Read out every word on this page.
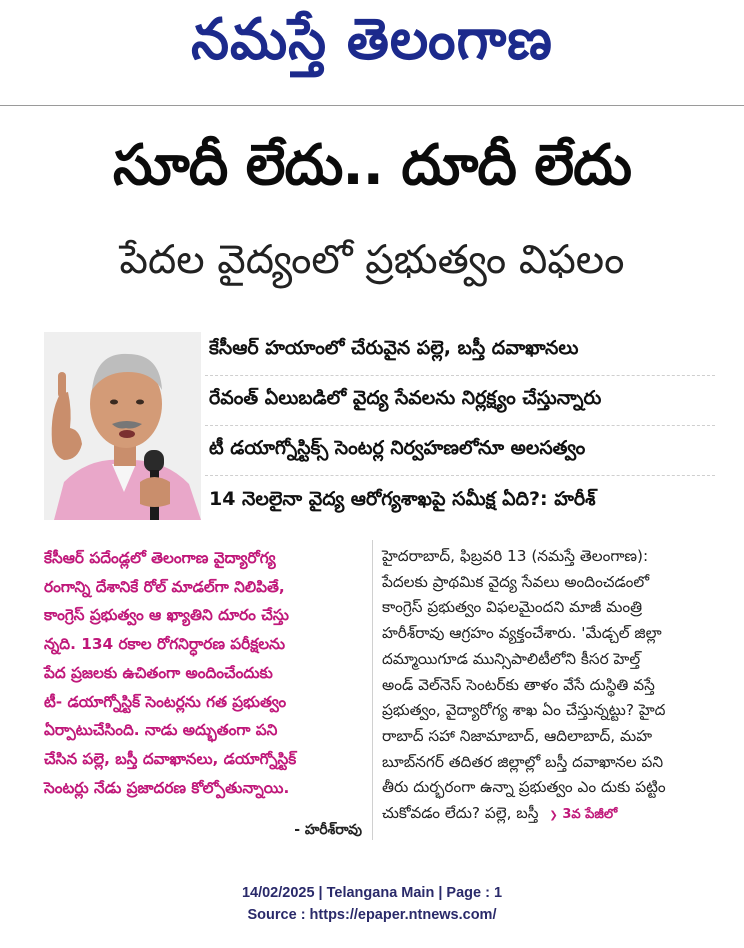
నమస్తే తెలంగాణ
సూదీ లేదు.. దూదీ లేదు
పేదల వైద్యంలో ప్రభుత్వం విఫలం
కేసీఆర్ హయాంలో చేరువైన పల్లె, బస్తీ దవాఖానలు
రేవంత్ ఏలుబడిలో వైద్య సేవలను నిర్లక్ష్యం చేస్తున్నారు
టీ డయాగ్నోస్టిక్స్ సెంటర్ల నిర్వహణలోనూ అలసత్వం
14 నెలలైనా వైద్య ఆరోగ్యశాఖపై సమీక్ష ఏది?: హరీశ్
కేసీఆర్ పదేండ్లలో తెలంగాణ వైద్యారోగ్య
రంగాన్ని దేశానికే రోల్ మాడల్‌గా నిలిపితే,
కాంగ్రెస్ ప్రభుత్వం ఆ ఖ్యాతిని దూరం చేస్తు
న్నది. 134 రకాల రోగనిర్ధారణ పరీక్షలను
పేద ప్రజలకు ఉచితంగా అందించేందుకు
టీ- డయాగ్నోస్టిక్ సెంటర్లను గత ప్రభుత్వం
ఏర్పాటుచేసింది. నాడు అద్భుతంగా పని
చేసిన పల్లె, బస్తీ దవాఖానలు, డయాగ్నోస్టిక్
సెంటర్లు నేడు ప్రజాదరణ కోల్పోతున్నాయి.
- హరీశ్‌రావు
హైదరాబాద్, ఫిబ్రవరి 13 (నమస్తే తెలంగాణ):
పేదలకు ప్రాథమిక వైద్య సేవలు అందించడంలో
కాంగ్రెస్ ప్రభుత్వం విఫలమైందని మాజీ మంత్రి
హరీశ్‌రావు ఆగ్రహం వ్యక్తంచేశారు. 'మేడ్చల్ జిల్లా
దమ్మాయిగూడ మున్సిపాలిటీలోని కీసర హెల్త్
అండ్ వెల్‌నెస్ సెంటర్‌కు తాళం వేసే దుస్థితి వస్తే
ప్రభుత్వం, వైద్యారోగ్య శాఖ ఏం చేస్తున్నట్టు? హైద
రాబాద్ సహా నిజామాబాద్, ఆదిలాబాద్, మహ
బూబ్‌నగర్ తదితర జిల్లాల్లో బస్తీ దవాఖానల పని
తీరు దుర్భరంగా ఉన్నా ప్రభుత్వం ఎం దుకు పట్టిం
చుకోవడం లేదు? పల్లె, బస్తీ ❯ 3వ పేజీలో
14/02/2025 | Telangana Main | Page : 1
Source : https://epaper.ntnews.com/
